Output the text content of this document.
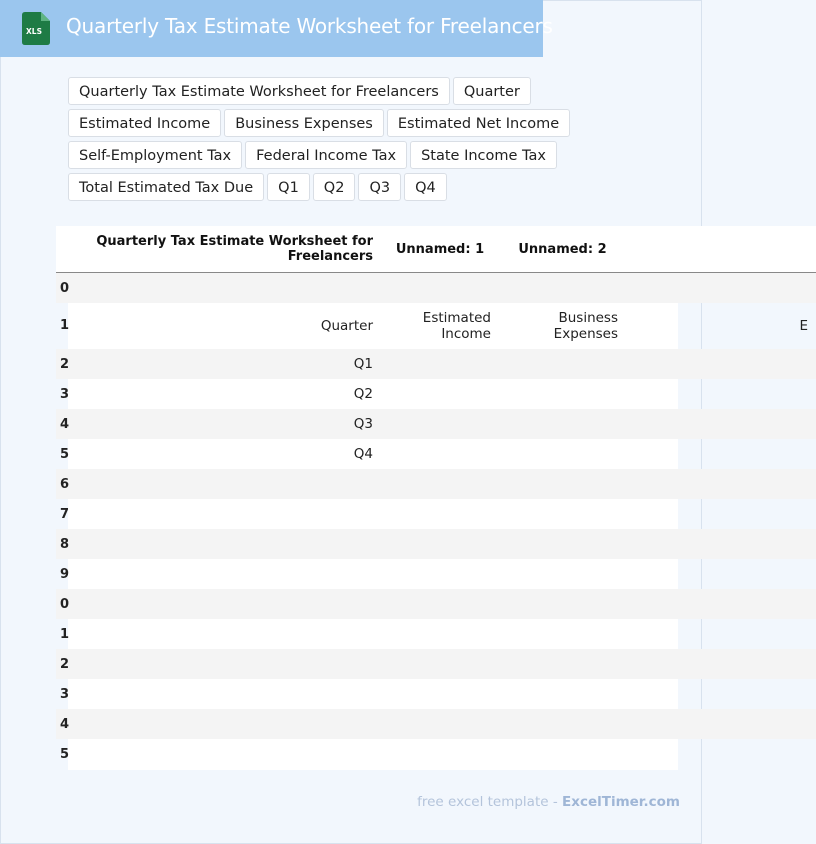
XLS Quarterly Tax Estimate Worksheet for Freelancers
Quarterly Tax Estimate Worksheet for Freelancers	Quarter
Estimated Income	Business Expenses	Estimated Net Income
Self-Employment Tax	Federal Income Tax	State Income Tax
Total Estimated Tax Due	Q1	Q2	Q3	Q4
	Quarterly Tax Estimate Worksheet for Freelancers	Unnamed: 1	Unnamed: 2	
0				
1	Quarter	Estimated Income	Business Expenses	E
2	Q1			
3	Q2			
4	Q3			
5	Q4			
6				
7				
8				
9				
0				
1				
2				
3				
4				
5				
free excel template - ExcelTimer.com
